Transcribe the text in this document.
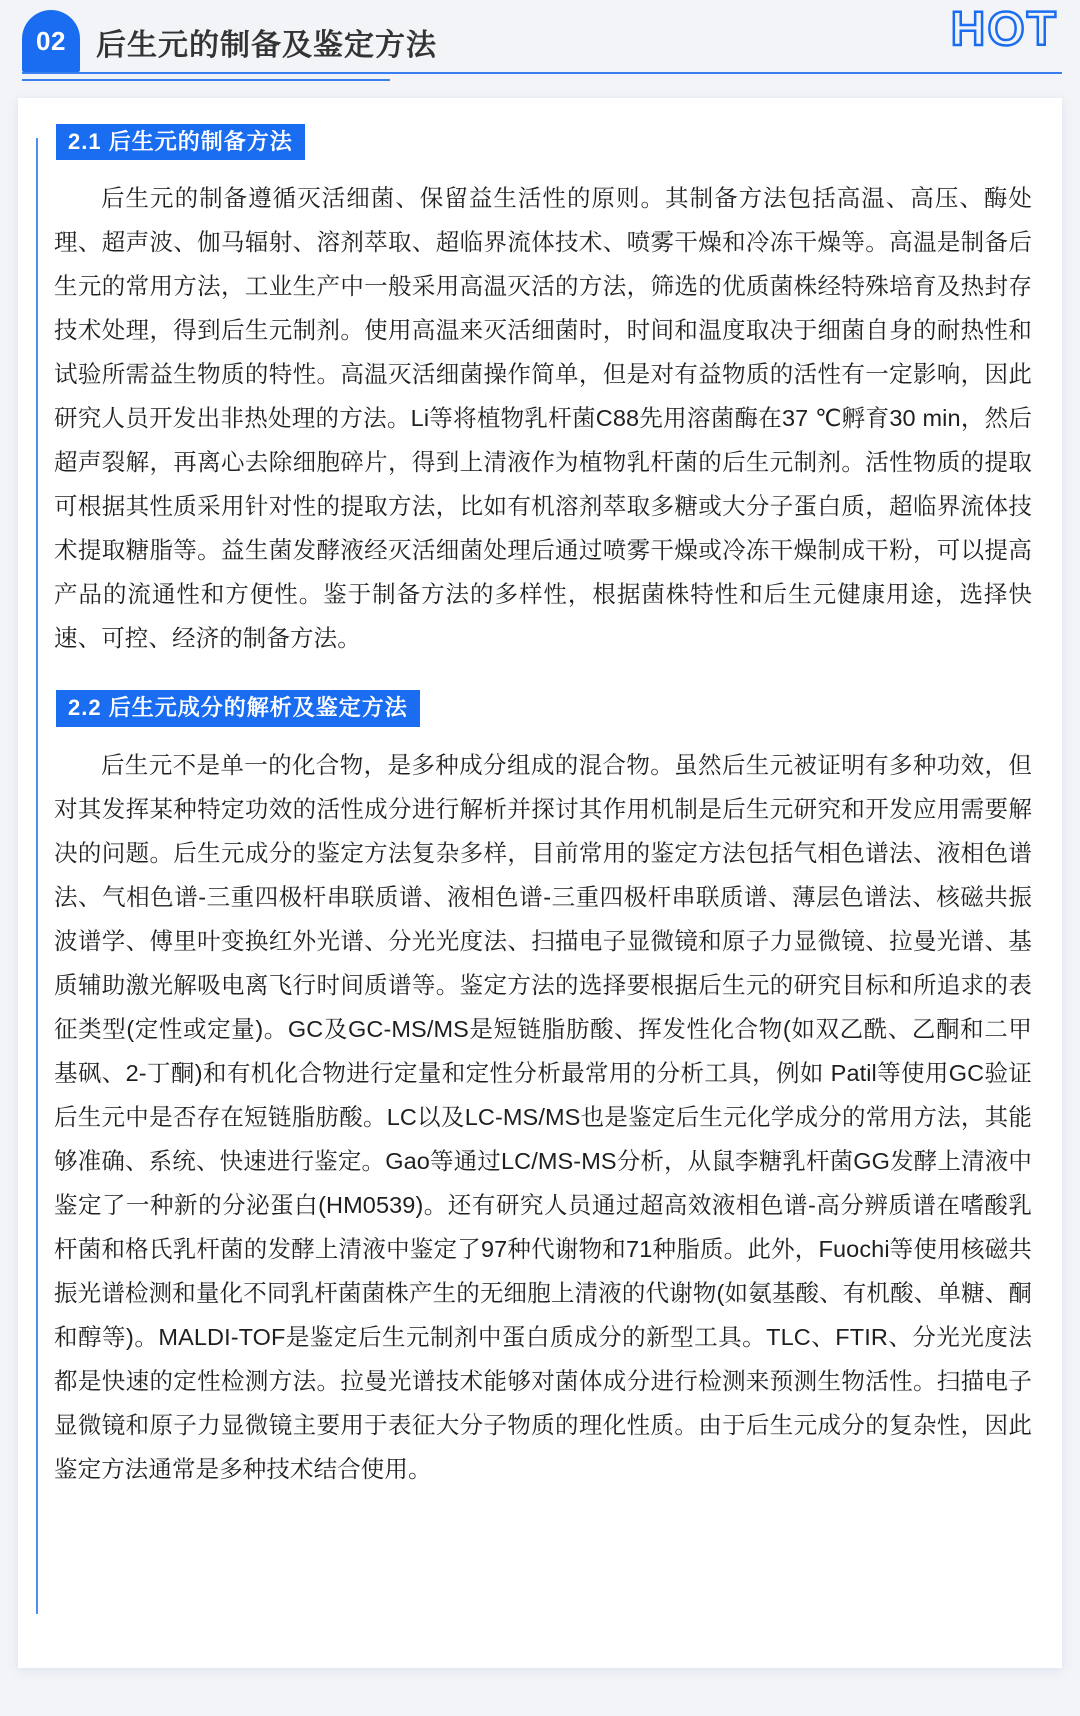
02	后生元的制备及鉴定方法	HOT
2.1 后生元的制备方法

后生元的制备遵循灭活细菌、保留益生活性的原则。其制备方法包括高温、高压、酶处理、超声波、伽马辐射、溶剂萃取、超临界流体技术、喷雾干燥和冷冻干燥等。高温是制备后生元的常用方法，工业生产中一般采用高温灭活的方法，筛选的优质菌株经特殊培育及热封存技术处理，得到后生元制剂。使用高温来灭活细菌时，时间和温度取决于细菌自身的耐热性和试验所需益生物质的特性。高温灭活细菌操作简单，但是对有益物质的活性有一定影响，因此研究人员开发出非热处理的方法。Li等将植物乳杆菌C88先用溶菌酶在37 ℃孵育30 min，然后超声裂解，再离心去除细胞碎片，得到上清液作为植物乳杆菌的后生元制剂。活性物质的提取可根据其性质采用针对性的提取方法，比如有机溶剂萃取多糖或大分子蛋白质，超临界流体技术提取糖脂等。益生菌发酵液经灭活细菌处理后通过喷雾干燥或冷冻干燥制成干粉，可以提高产品的流通性和方便性。鉴于制备方法的多样性，根据菌株特性和后生元健康用途，选择快速、可控、经济的制备方法。

2.2 后生元成分的解析及鉴定方法

后生元不是单一的化合物，是多种成分组成的混合物。虽然后生元被证明有多种功效，但对其发挥某种特定功效的活性成分进行解析并探讨其作用机制是后生元研究和开发应用需要解决的问题。后生元成分的鉴定方法复杂多样，目前常用的鉴定方法包括气相色谱法、液相色谱法、气相色谱-三重四极杆串联质谱、液相色谱-三重四极杆串联质谱、薄层色谱法、核磁共振波谱学、傅里叶变换红外光谱、分光光度法、扫描电子显微镜和原子力显微镜、拉曼光谱、基质辅助激光解吸电离飞行时间质谱等。鉴定方法的选择要根据后生元的研究目标和所追求的表征类型(定性或定量)。GC及GC-MS/MS是短链脂肪酸、挥发性化合物(如双乙酰、乙酮和二甲基砜、2-丁酮)和有机化合物进行定量和定性分析最常用的分析工具，例如 Patil等使用GC验证后生元中是否存在短链脂肪酸。LC以及LC-MS/MS也是鉴定后生元化学成分的常用方法，其能够准确、系统、快速进行鉴定。Gao等通过LC/MS-MS分析，从鼠李糖乳杆菌GG发酵上清液中鉴定了一种新的分泌蛋白(HM0539)。还有研究人员通过超高效液相色谱-高分辨质谱在嗜酸乳杆菌和格氏乳杆菌的发酵上清液中鉴定了97种代谢物和71种脂质。此外，Fuochi等使用核磁共振光谱检测和量化不同乳杆菌菌株产生的无细胞上清液的代谢物(如氨基酸、有机酸、单糖、酮和醇等)。MALDI-TOF是鉴定后生元制剂中蛋白质成分的新型工具。TLC、FTIR、分光光度法都是快速的定性检测方法。拉曼光谱技术能够对菌体成分进行检测来预测生物活性。扫描电子显微镜和原子力显微镜主要用于表征大分子物质的理化性质。由于后生元成分的复杂性，因此鉴定方法通常是多种技术结合使用。
